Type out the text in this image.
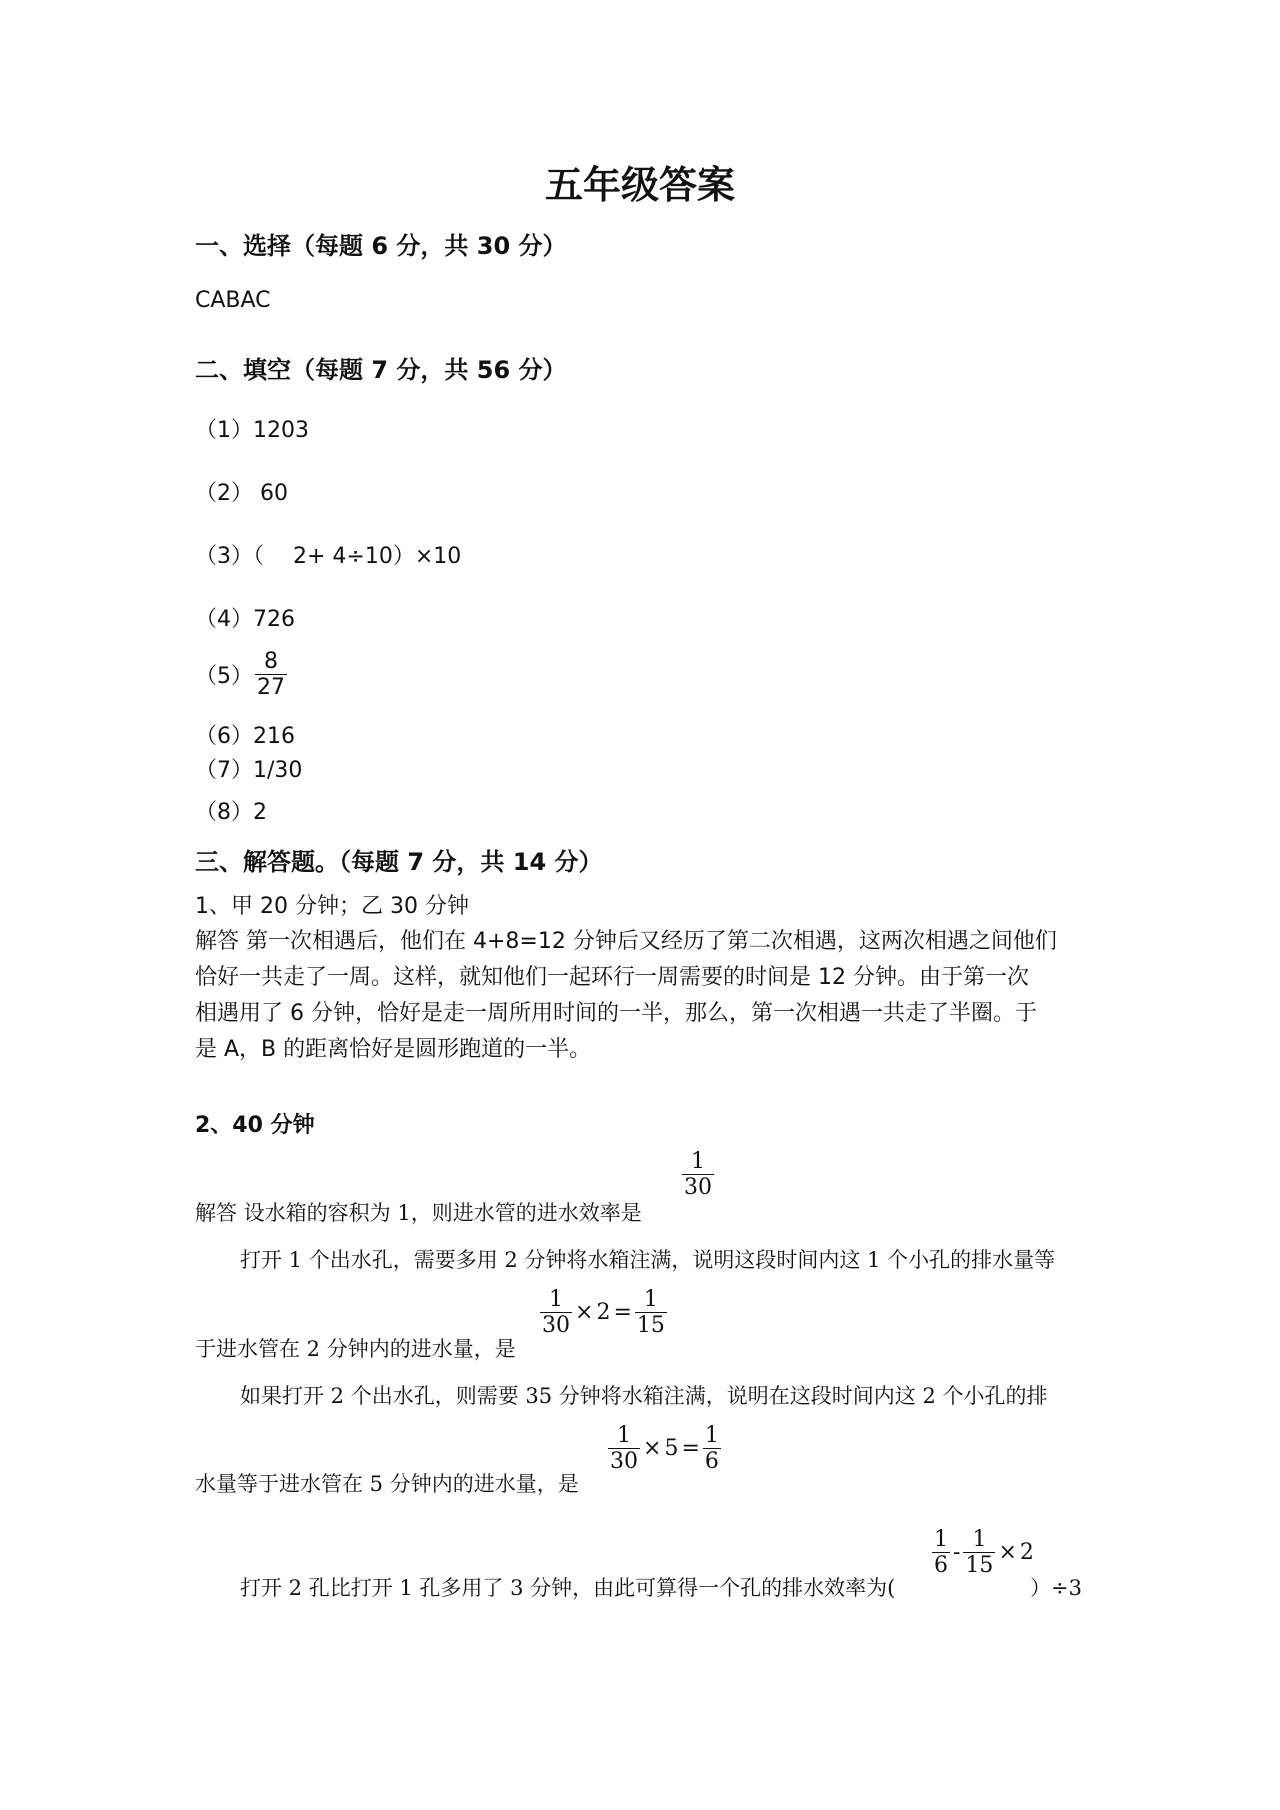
五年级答案
一、选择（每题 6 分，共 30 分）
CABAC
二、填空（每题 7 分，共 56 分）
（1）1203
（2） 60
（3）（　 2+ 4÷10）×10
（4）726
$(5) \frac{8}{27}$
（6）216
（7）1/30
（8）2
三、解答题。（每题 7 分，共 14 分）
1、甲 20 分钟；乙 30 分钟
解答 第一次相遇后，他们在 4+8=12 分钟后又经历了第二次相遇，这两次相遇之间他们
恰好一共走了一周。这样，就知他们一起环行一周需要的时间是 12 分钟。由于第一次
相遇用了 6 分钟，恰好是走一周所用时间的一半，那么，第一次相遇一共走了半圈。于
是 A，B 的距离恰好是圆形跑道的一半。
2、40 分钟
$\frac{1}{30}$
解答 设水箱的容积为 1，则进水管的进水效率是
打开 1 个出水孔，需要多用 2 分钟将水箱注满，说明这段时间内这 1 个小孔的排水量等
$\frac{1}{30} \times 2 = \frac{1}{15}$
于进水管在 2 分钟内的进水量，是
如果打开 2 个出水孔，则需要 35 分钟将水箱注满，说明在这段时间内这 2 个小孔的排
$\frac{1}{30} \times 5 = \frac{1}{6}$
水量等于进水管在 5 分钟内的进水量，是
$\frac{1}{6} - \frac{1}{15} \times 2$
打开 2 孔比打开 1 孔多用了 3 分钟，由此可算得一个孔的排水效率为(	）÷3
